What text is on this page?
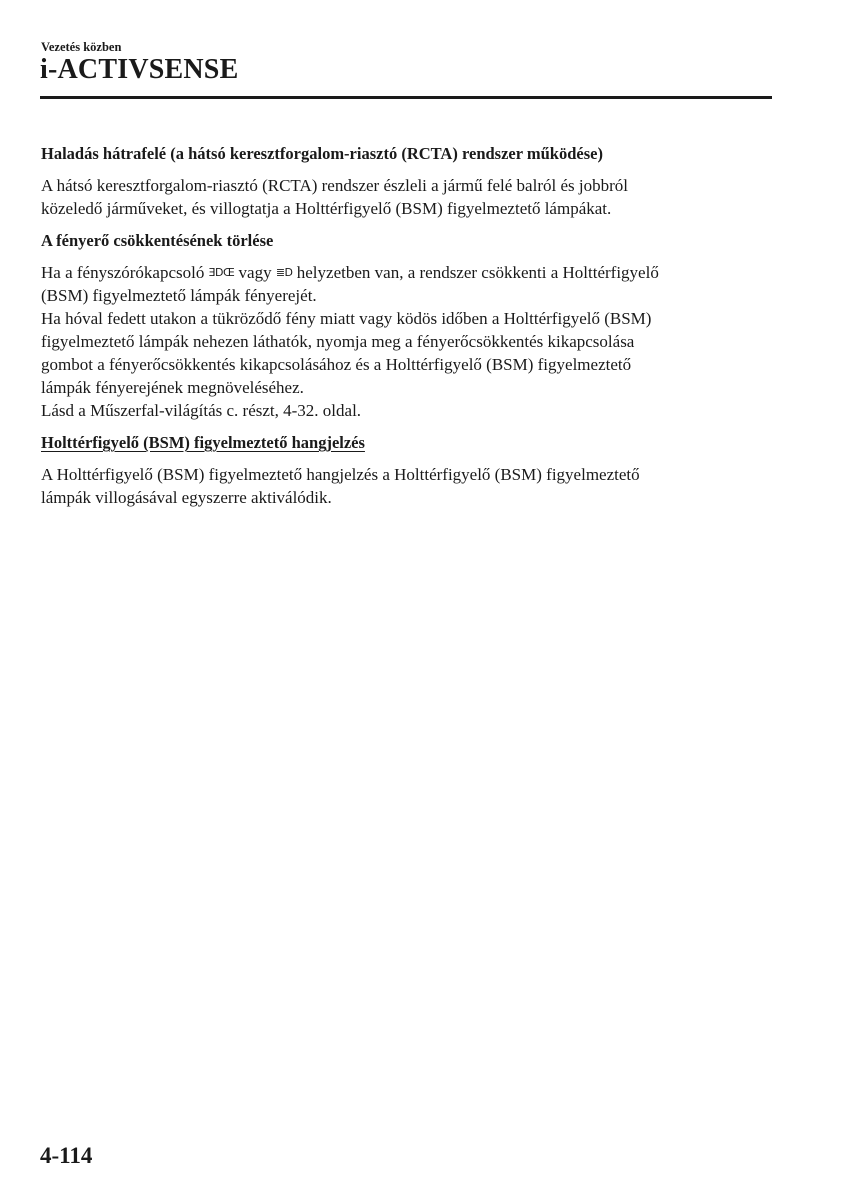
Vezetés közben
i-ACTIVSENSE
Haladás hátrafelé (a hátsó keresztforgalom-riasztó (RCTA) rendszer működése)
A hátsó keresztforgalom-riasztó (RCTA) rendszer észleli a jármű felé balról és jobbról
közeledő járműveket, és villogtatja a Holttérfigyelő (BSM) figyelmeztető lámpákat.
A fényerő csökkentésének törlése
Ha a fényszórókapcsoló ƎDŒ vagy ≣D helyzetben van, a rendszer csökkenti a Holttérfigyelő
(BSM) figyelmeztető lámpák fényerejét.
Ha hóval fedett utakon a tükröződő fény miatt vagy ködös időben a Holttérfigyelő (BSM)
figyelmeztető lámpák nehezen láthatók, nyomja meg a fényerőcsökkentés kikapcsolása
gombot a fényerőcsökkentés kikapcsolásához és a Holttérfigyelő (BSM) figyelmeztető
lámpák fényerejének megnöveléséhez.
Lásd a Műszerfal-világítás c. részt, 4-32. oldal.
Holttérfigyelő (BSM) figyelmeztető hangjelzés
A Holttérfigyelő (BSM) figyelmeztető hangjelzés a Holttérfigyelő (BSM) figyelmeztető
lámpák villogásával egyszerre aktiválódik.
4-114
